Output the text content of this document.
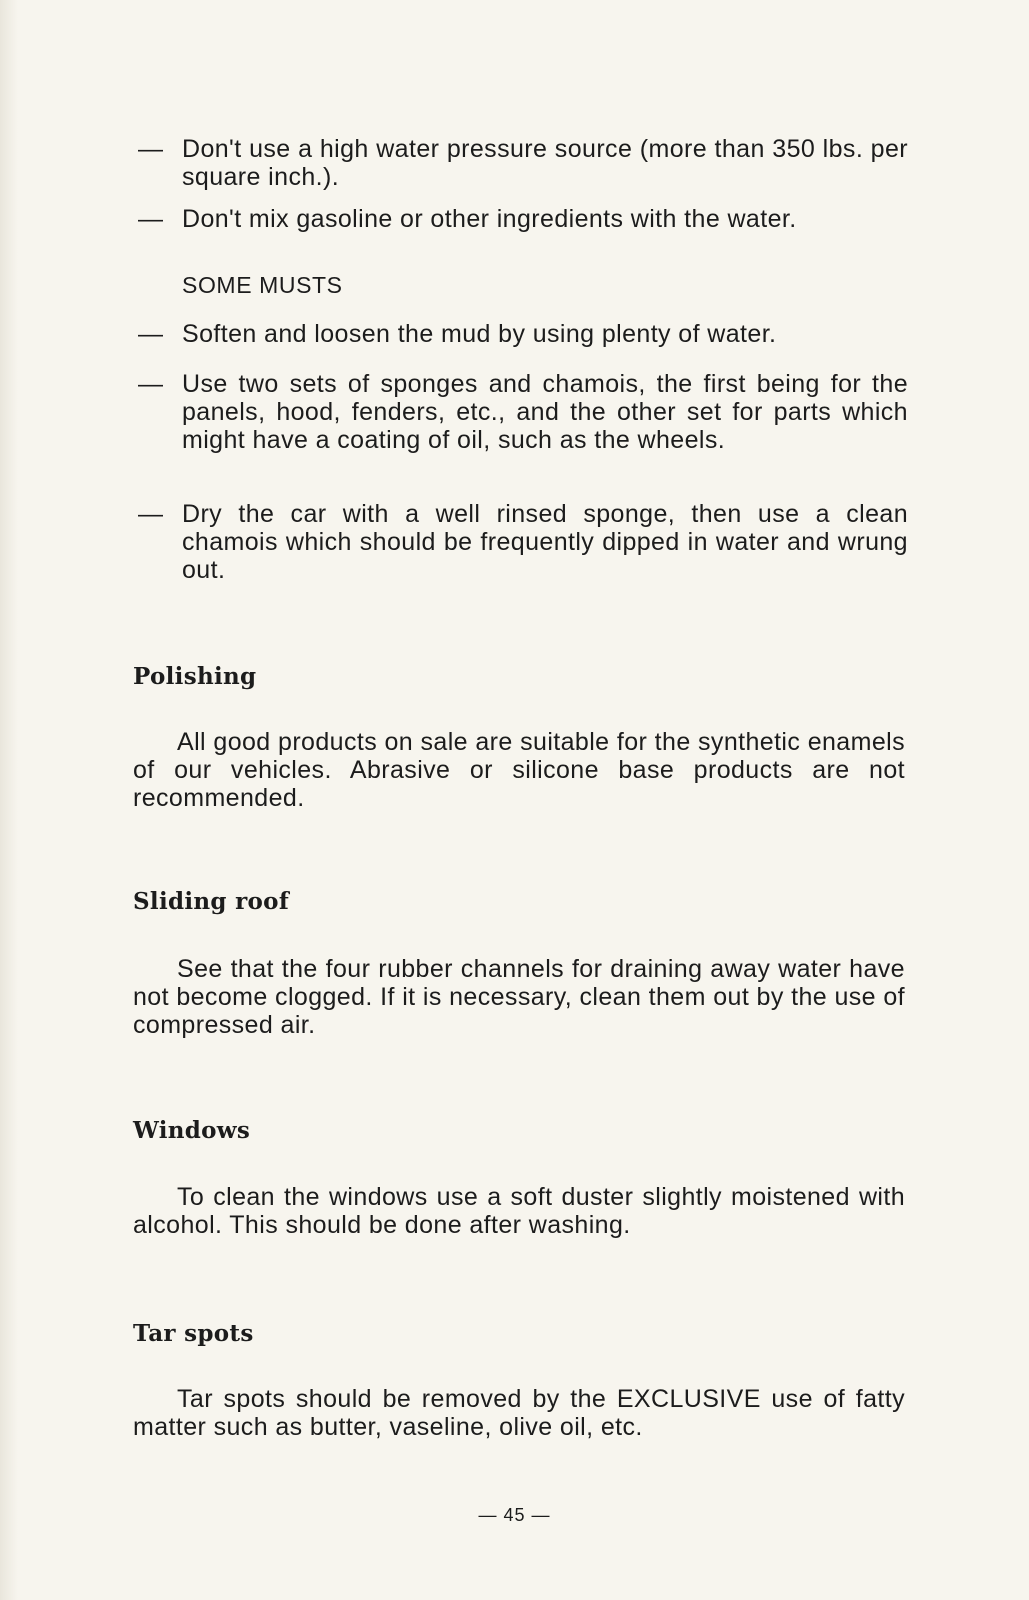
— Don't use a high water pressure source (more than 350 lbs. per square inch.).
— Don't mix gasoline or other ingredients with the water.
SOME MUSTS
— Soften and loosen the mud by using plenty of water.
— Use two sets of sponges and chamois, the first being for the panels, hood, fenders, etc., and the other set for parts which might have a coating of oil, such as the wheels.
— Dry the car with a well rinsed sponge, then use a clean chamois which should be frequently dipped in water and wrung out.
Polishing
All good products on sale are suitable for the synthetic enamels of our vehicles. Abrasive or silicone base products are not recommended.
Sliding roof
See that the four rubber channels for draining away water have not become clogged. If it is necessary, clean them out by the use of compressed air.
Windows
To clean the windows use a soft duster slightly moistened with alcohol. This should be done after washing.
Tar spots
Tar spots should be removed by the EXCLUSIVE use of fatty matter such as butter, vaseline, olive oil, etc.
— 45 —
